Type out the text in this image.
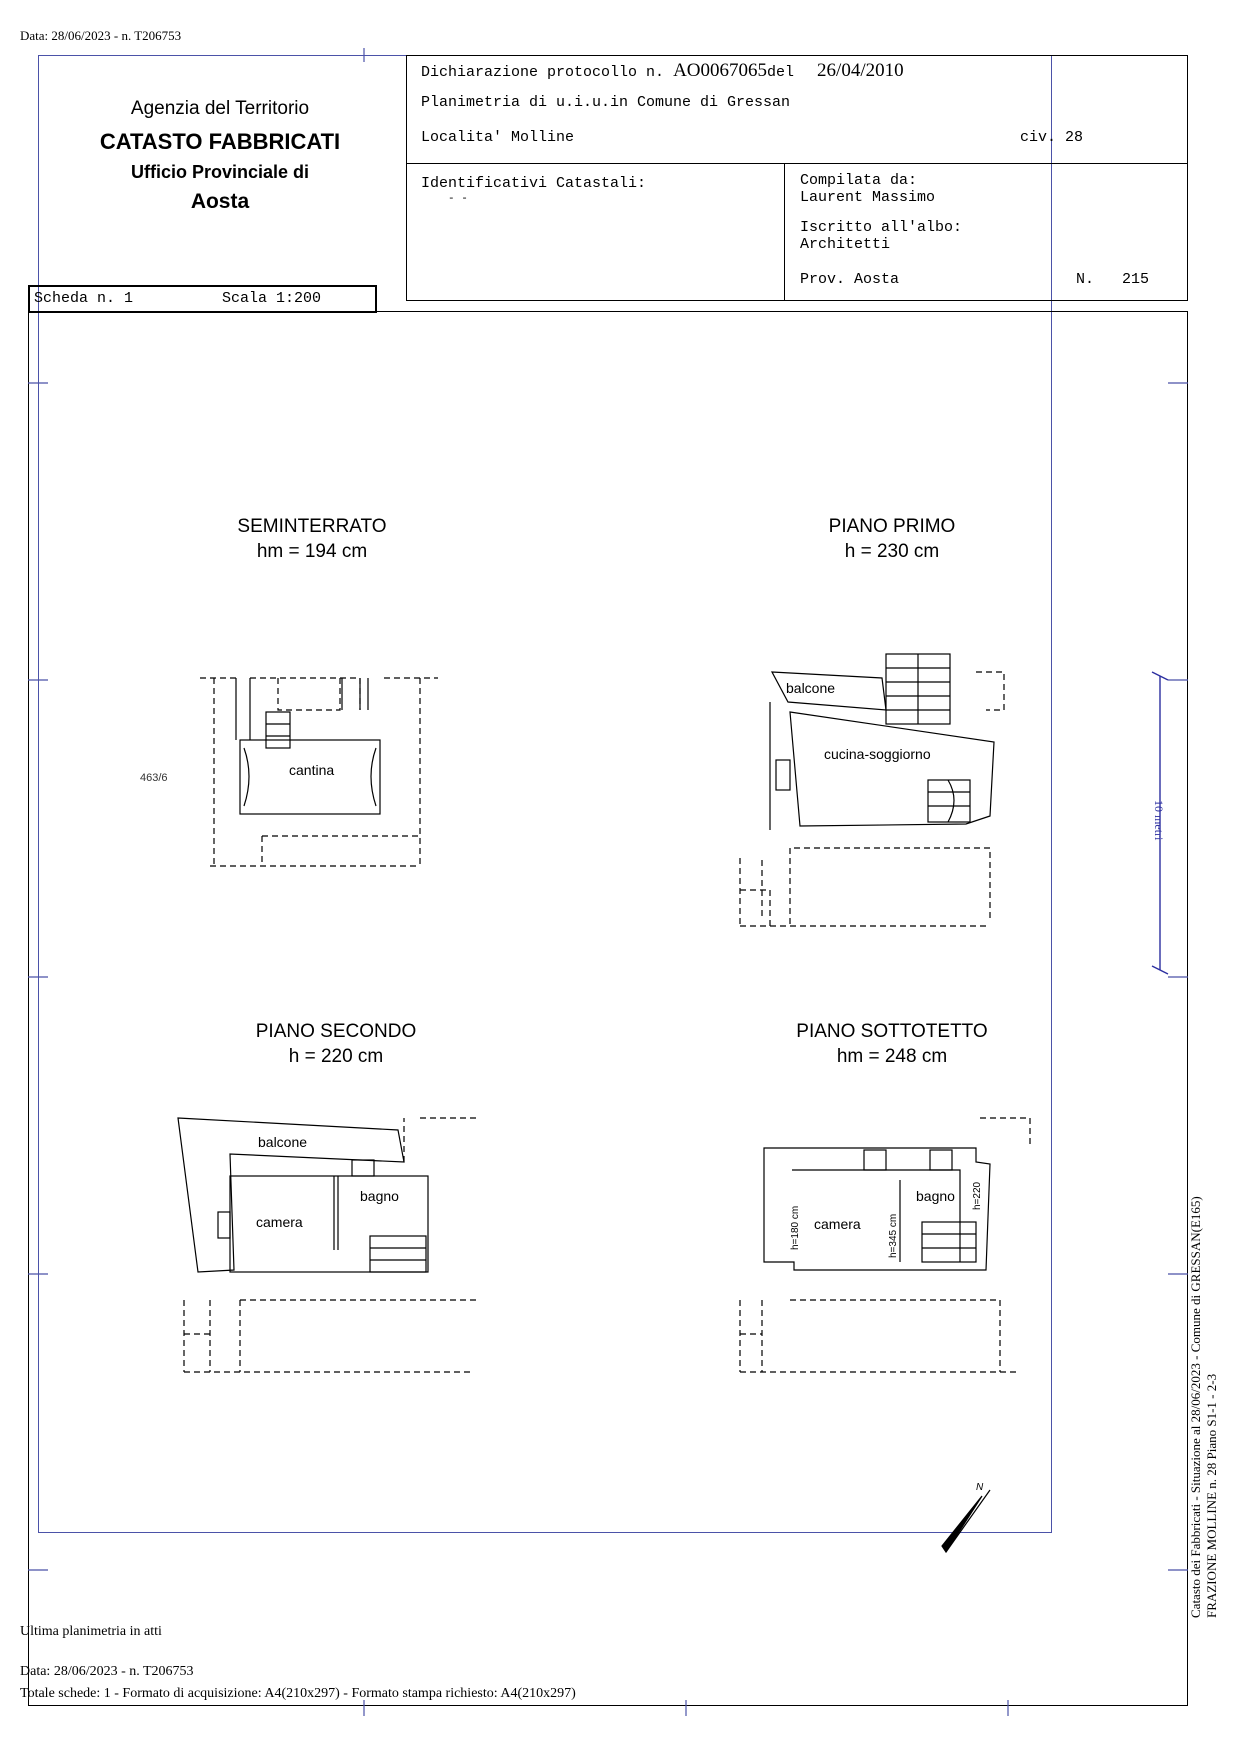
Data: 28/06/2023 - n. T206753
Agenzia del Territorio
CATASTO FABBRICATI
Ufficio Provinciale di
Aosta
Dichiarazione protocollo n. AO0067065del 26/04/2010
Planimetria di u.i.u.in Comune di Gressan
Localita' Molline	civ. 28
Identificativi Catastali:
- -
Compilata da:
Laurent Massimo
Iscritto all'albo:
Architetti
Prov. Aosta	N. 215
Scheda n. 1	Scala 1:200
SEMINTERRATO
hm = 194 cm
PIANO PRIMO
h = 230 cm
PIANO SECONDO
h = 220 cm
PIANO SOTTOTETTO
hm = 248 cm
cantina
463/6
balcone
cucina-soggiorno
balcone
camera
bagno
camera
bagno
h=180 cm	h=345 cm
h=220
10 metri
N	Catasto dei Fabbricati - Situazione al 28/06/2023 - Comune di GRESSAN(E165) FRAZIONE MOLLINE n. 28 Piano S1-1 - 2-3
Ultima planimetria in atti
Data: 28/06/2023 - n. T206753
Totale schede: 1 - Formato di acquisizione: A4(210x297) - Formato stampa richiesto: A4(210x297)
